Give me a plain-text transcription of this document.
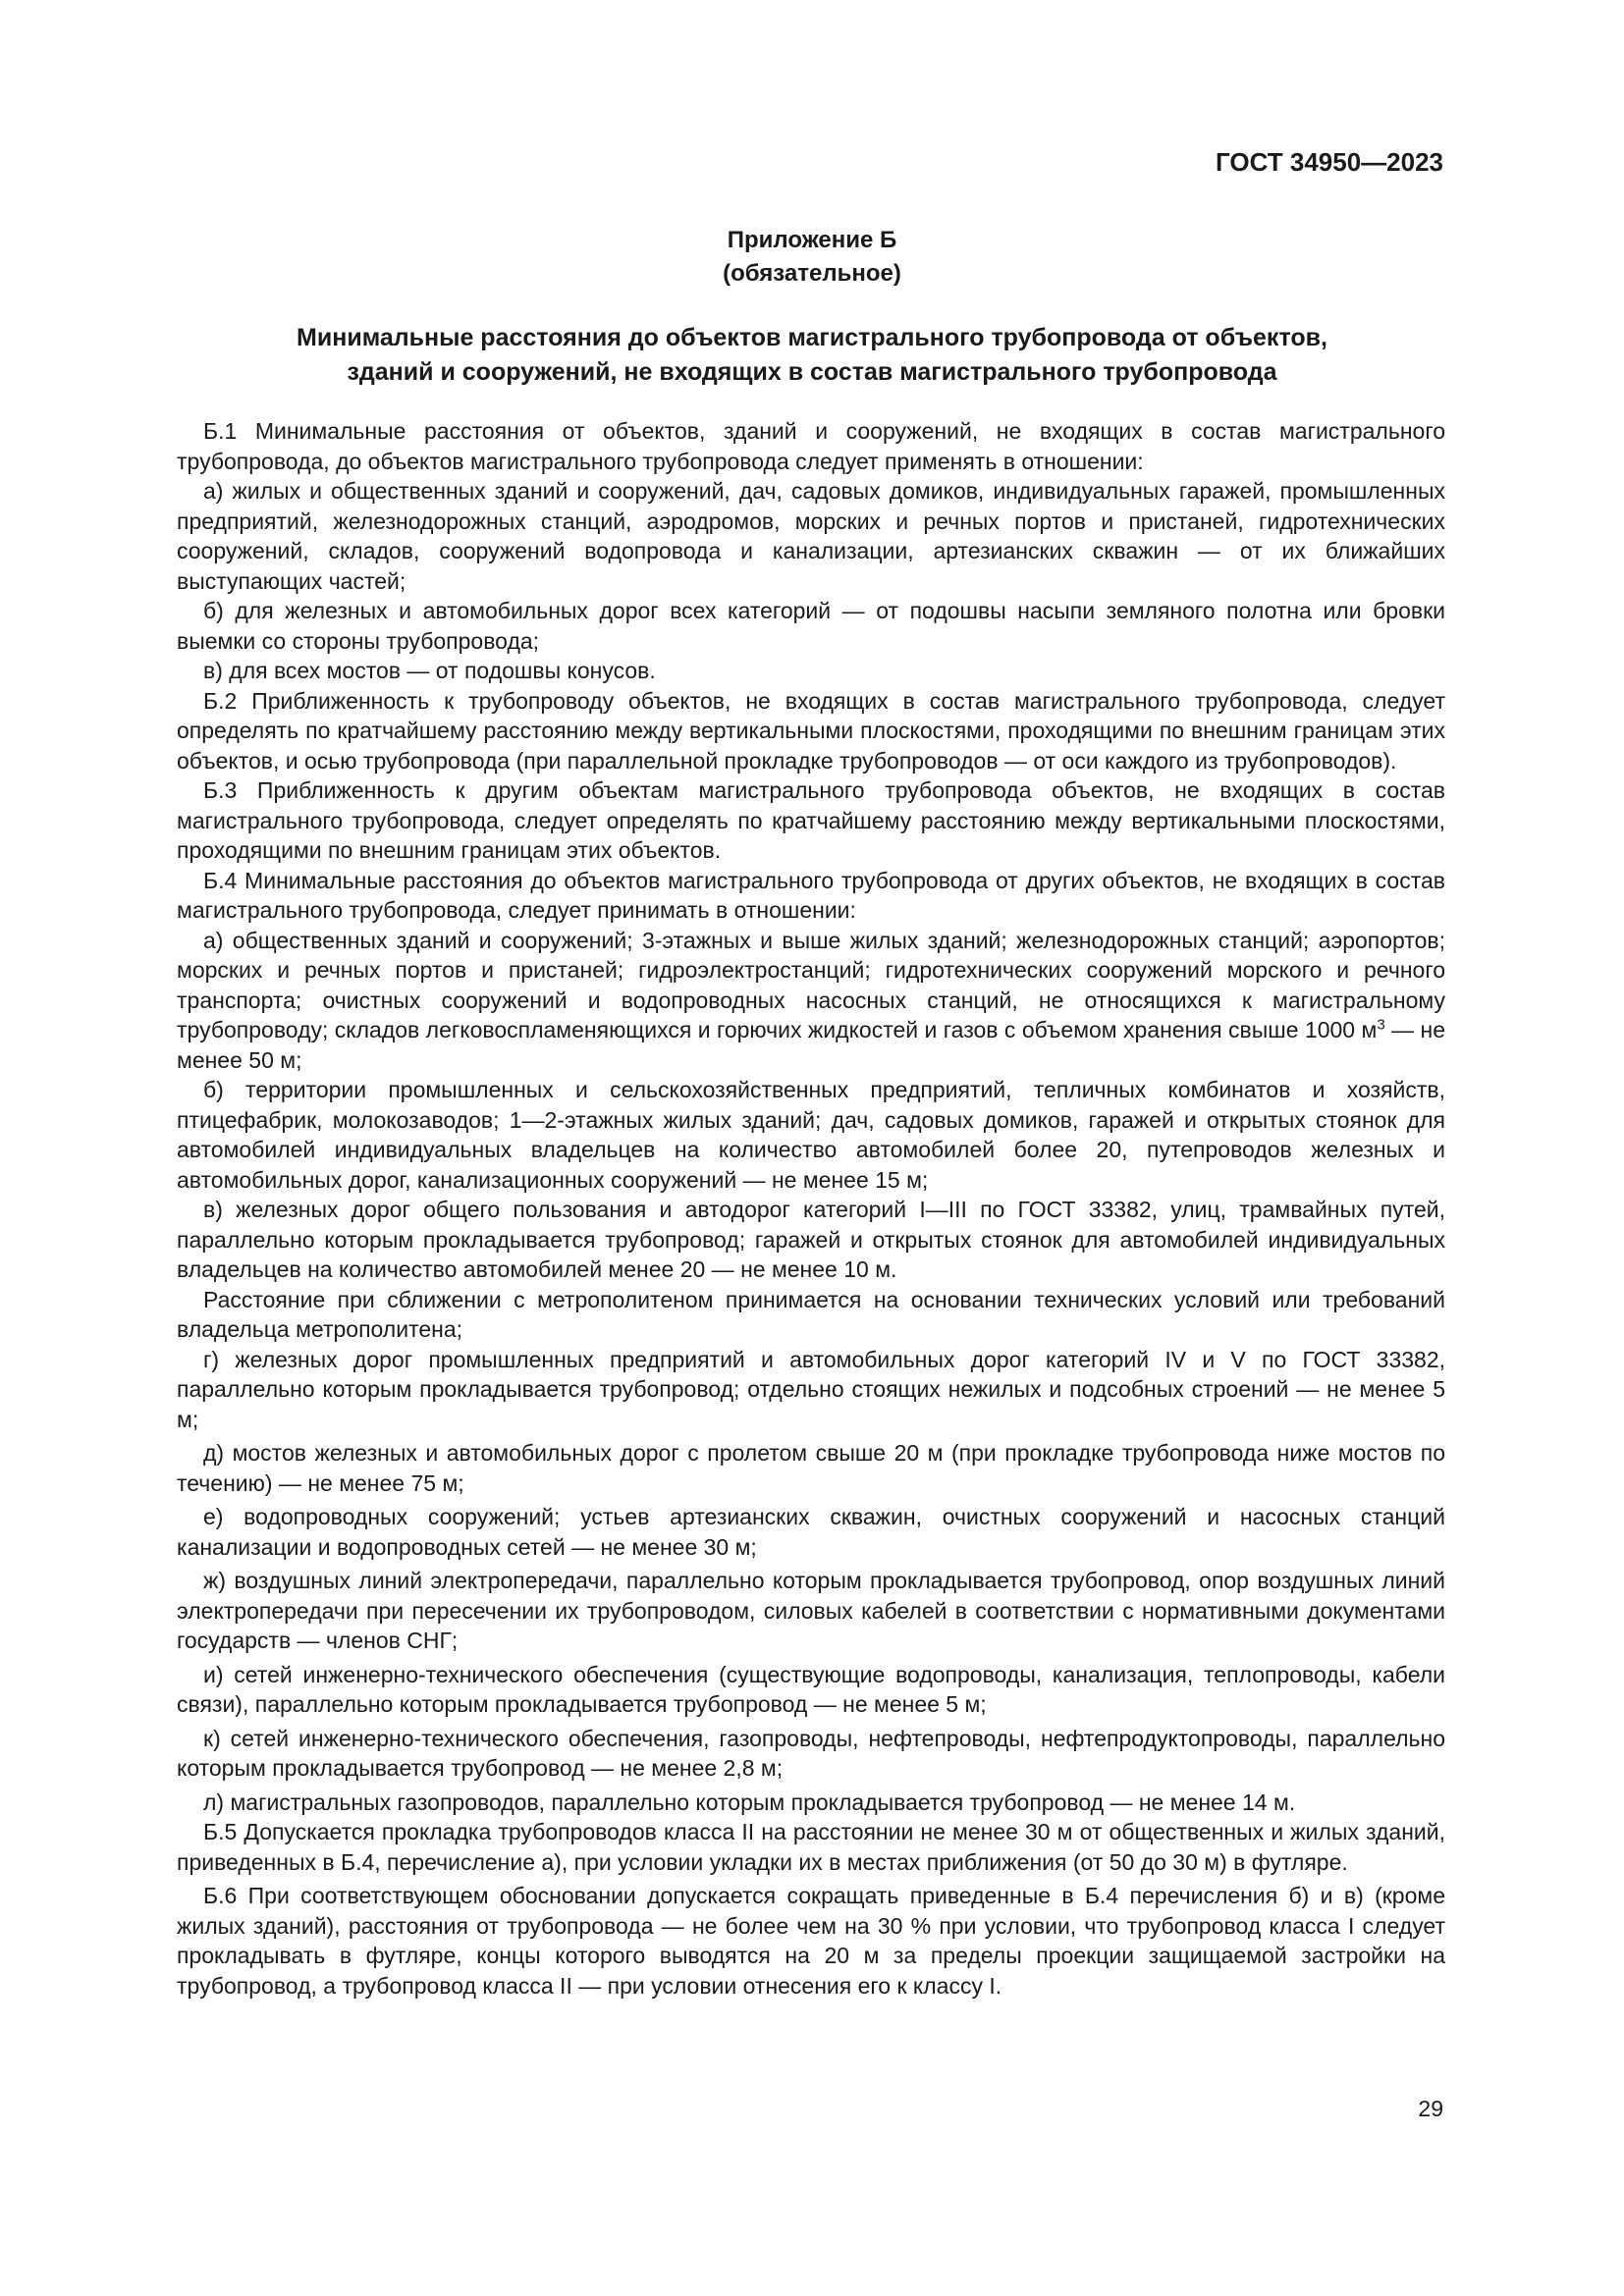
ГОСТ 34950—2023
Приложение Б
(обязательное)
Минимальные расстояния до объектов магистрального трубопровода от объектов,
зданий и сооружений, не входящих в состав магистрального трубопровода

Б.1 Минимальные расстояния от объектов, зданий и сооружений, не входящих в состав магистрального трубопровода, до объектов магистрального трубопровода следует применять в отношении:

а) жилых и общественных зданий и сооружений, дач, садовых домиков, индивидуальных гаражей, промышленных предприятий, железнодорожных станций, аэродромов, морских и речных портов и пристаней, гидротехнических сооружений, складов, сооружений водопровода и канализации, артезианских скважин — от их ближайших выступающих частей;

б) для железных и автомобильных дорог всех категорий — от подошвы насыпи земляного полотна или бровки выемки со стороны трубопровода;

в) для всех мостов — от подошвы конусов.

Б.2 Приближенность к трубопроводу объектов, не входящих в состав магистрального трубопровода, следует определять по кратчайшему расстоянию между вертикальными плоскостями, проходящими по внешним границам этих объектов, и осью трубопровода (при параллельной прокладке трубопроводов — от оси каждого из трубопроводов).

Б.3 Приближенность к другим объектам магистрального трубопровода объектов, не входящих в состав магистрального трубопровода, следует определять по кратчайшему расстоянию между вертикальными плоскостями, проходящими по внешним границам этих объектов.

Б.4 Минимальные расстояния до объектов магистрального трубопровода от других объектов, не входящих в состав магистрального трубопровода, следует принимать в отношении:

а) общественных зданий и сооружений; 3-этажных и выше жилых зданий; железнодорожных станций; аэропортов; морских и речных портов и пристаней; гидроэлектростанций; гидротехнических сооружений морского и речного транспорта; очистных сооружений и водопроводных насосных станций, не относящихся к магистральному трубопроводу; складов легковоспламеняющихся и горючих жидкостей и газов с объемом хранения свыше 1000 $м^3$ — не менее 50 м;

б) территории промышленных и сельскохозяйственных предприятий, тепличных комбинатов и хозяйств, птицефабрик, молокозаводов; 1—2-этажных жилых зданий; дач, садовых домиков, гаражей и открытых стоянок для автомобилей индивидуальных владельцев на количество автомобилей более 20, путепроводов железных и автомобильных дорог, канализационных сооружений — не менее 15 м;

в) железных дорог общего пользования и автодорог категорий I—III по ГОСТ 33382, улиц, трамвайных путей, параллельно которым прокладывается трубопровод; гаражей и открытых стоянок для автомобилей индивидуальных владельцев на количество автомобилей менее 20 — не менее 10 м.

Расстояние при сближении с метрополитеном принимается на основании технических условий или требований владельца метрополитена;

г) железных дорог промышленных предприятий и автомобильных дорог категорий IV и V по ГОСТ 33382, параллельно которым прокладывается трубопровод; отдельно стоящих нежилых и подсобных строений — не менее 5 м;

д) мостов железных и автомобильных дорог с пролетом свыше 20 м (при прокладке трубопровода ниже мостов по течению) — не менее 75 м;

е) водопроводных сооружений; устьев артезианских скважин, очистных сооружений и насосных станций канализации и водопроводных сетей — не менее 30 м;

ж) воздушных линий электропередачи, параллельно которым прокладывается трубопровод, опор воздушных линий электропередачи при пересечении их трубопроводом, силовых кабелей в соответствии с нормативными документами государств — членов СНГ;

и) сетей инженерно-технического обеспечения (существующие водопроводы, канализация, теплопроводы, кабели связи), параллельно которым прокладывается трубопровод — не менее 5 м;

к) сетей инженерно-технического обеспечения, газопроводы, нефтепроводы, нефтепродуктопроводы, параллельно которым прокладывается трубопровод — не менее 2,8 м;

л) магистральных газопроводов, параллельно которым прокладывается трубопровод — не менее 14 м.

Б.5 Допускается прокладка трубопроводов класса II на расстоянии не менее 30 м от общественных и жилых зданий, приведенных в Б.4, перечисление а), при условии укладки их в местах приближения (от 50 до 30 м) в футляре.

Б.6 При соответствующем обосновании допускается сокращать приведенные в Б.4 перечисления б) и в) (кроме жилых зданий), расстояния от трубопровода — не более чем на 30 % при условии, что трубопровод класса I следует прокладывать в футляре, концы которого выводятся на 20 м за пределы проекции защищаемой застройки на трубопровод, а трубопровод класса II — при условии отнесения его к классу I.

29
